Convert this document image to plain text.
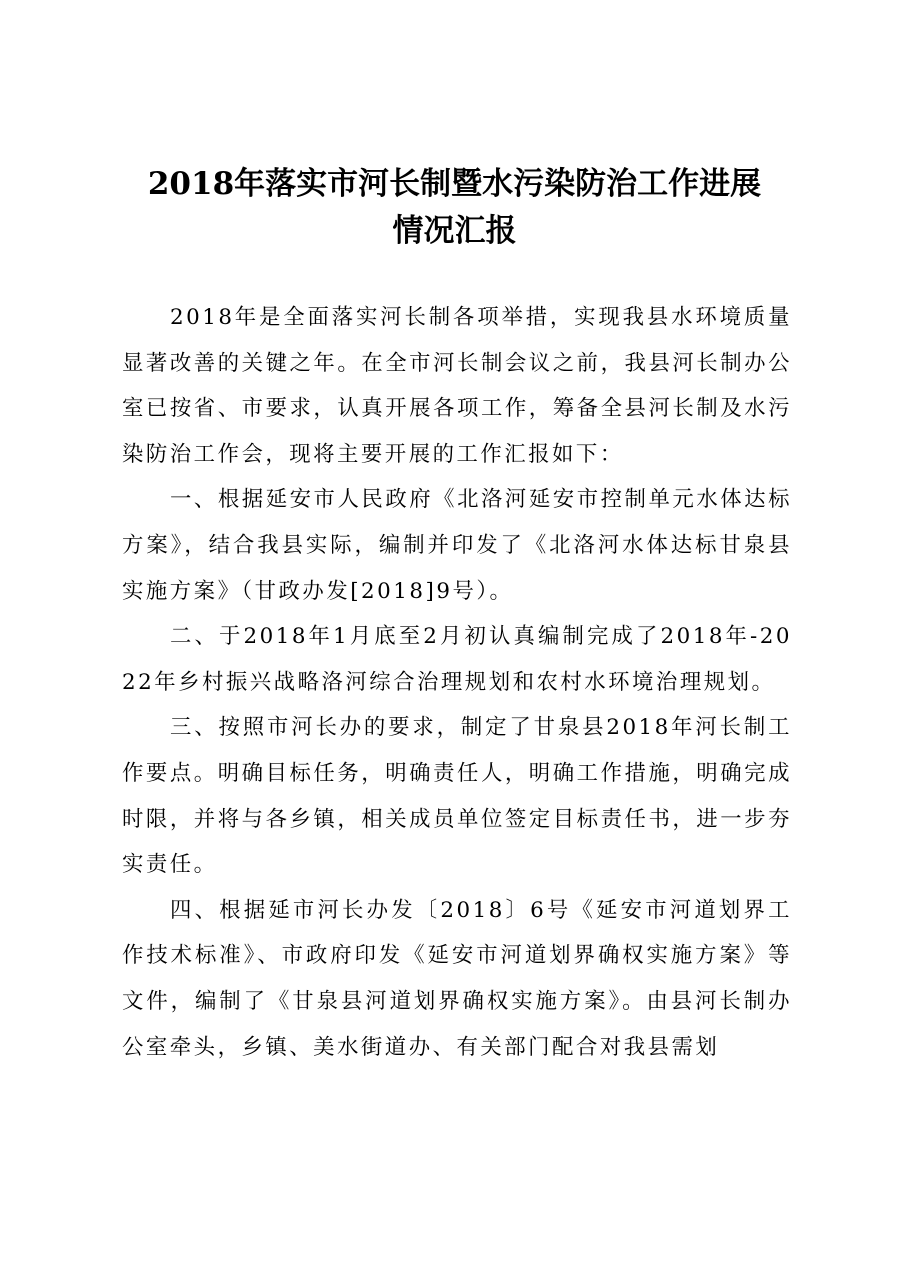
2018年落实市河长制暨水污染防治工作进展
情况汇报

2018年是全面落实河长制各项举措，实现我县水环境质量显著改善的关键之年。在全市河长制会议之前，我县河长制办公室已按省、市要求，认真开展各项工作，筹备全县河长制及水污染防治工作会，现将主要开展的工作汇报如下：

一、根据延安市人民政府《北洛河延安市控制单元水体达标方案》，结合我县实际，编制并印发了《北洛河水体达标甘泉县实施方案》（甘政办发[2018]9号）。

二、于2018年1月底至2月初认真编制完成了2018年-2022年乡村振兴战略洛河综合治理规划和农村水环境治理规划。

三、按照市河长办的要求，制定了甘泉县2018年河长制工作要点。明确目标任务，明确责任人，明确工作措施，明确完成时限，并将与各乡镇，相关成员单位签定目标责任书，进一步夯实责任。

四、根据延市河长办发〔2018〕6号《延安市河道划界工作技术标准》、市政府印发《延安市河道划界确权实施方案》等文件，编制了《甘泉县河道划界确权实施方案》。由县河长制办公室牵头，乡镇、美水街道办、有关部门配合对我县需划
